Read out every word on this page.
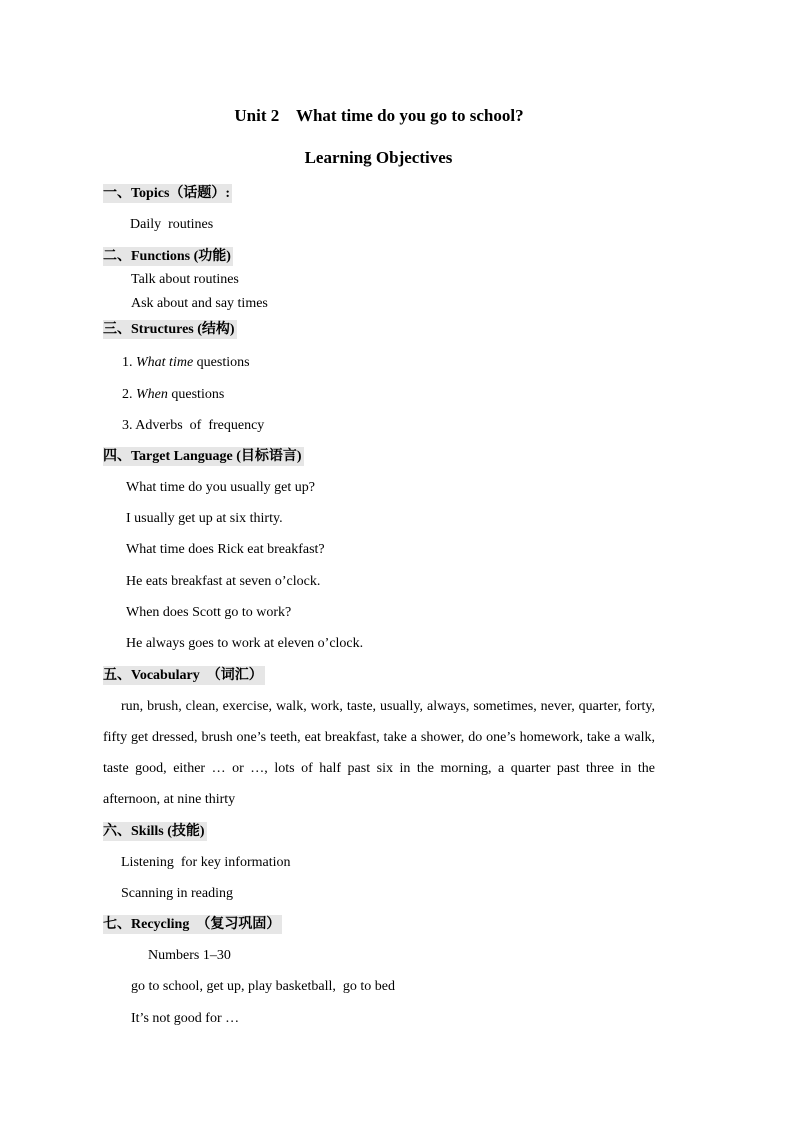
Unit 2    What time do you go to school?
Learning Objectives
一、Topics（话题）:
Daily  routines
二、Functions (功能)
Talk about routines
Ask about and say times
三、Structures (结构)
1. What time questions
2. When questions
3. Adverbs  of  frequency
四、Target Language (目标语言)
What time do you usually get up?
I usually get up at six thirty.
What time does Rick eat breakfast?
He eats breakfast at seven o’clock.
When does Scott go to work?
He always goes to work at eleven o’clock.
五、Vocabulary  （词汇）
run, brush, clean, exercise, walk, work, taste, usually, always, sometimes, never, quarter, forty, fifty get dressed, brush one’s teeth, eat breakfast, take a shower, do one’s homework, take a walk, taste good, either … or …, lots of half past six in the morning, a quarter past three in the afternoon, at nine thirty
六、Skills (技能)
Listening  for key information
Scanning in reading
七、Recycling  （复习巩固）
Numbers 1–30
go to school, get up, play basketball,  go to bed
It’s not good for …
